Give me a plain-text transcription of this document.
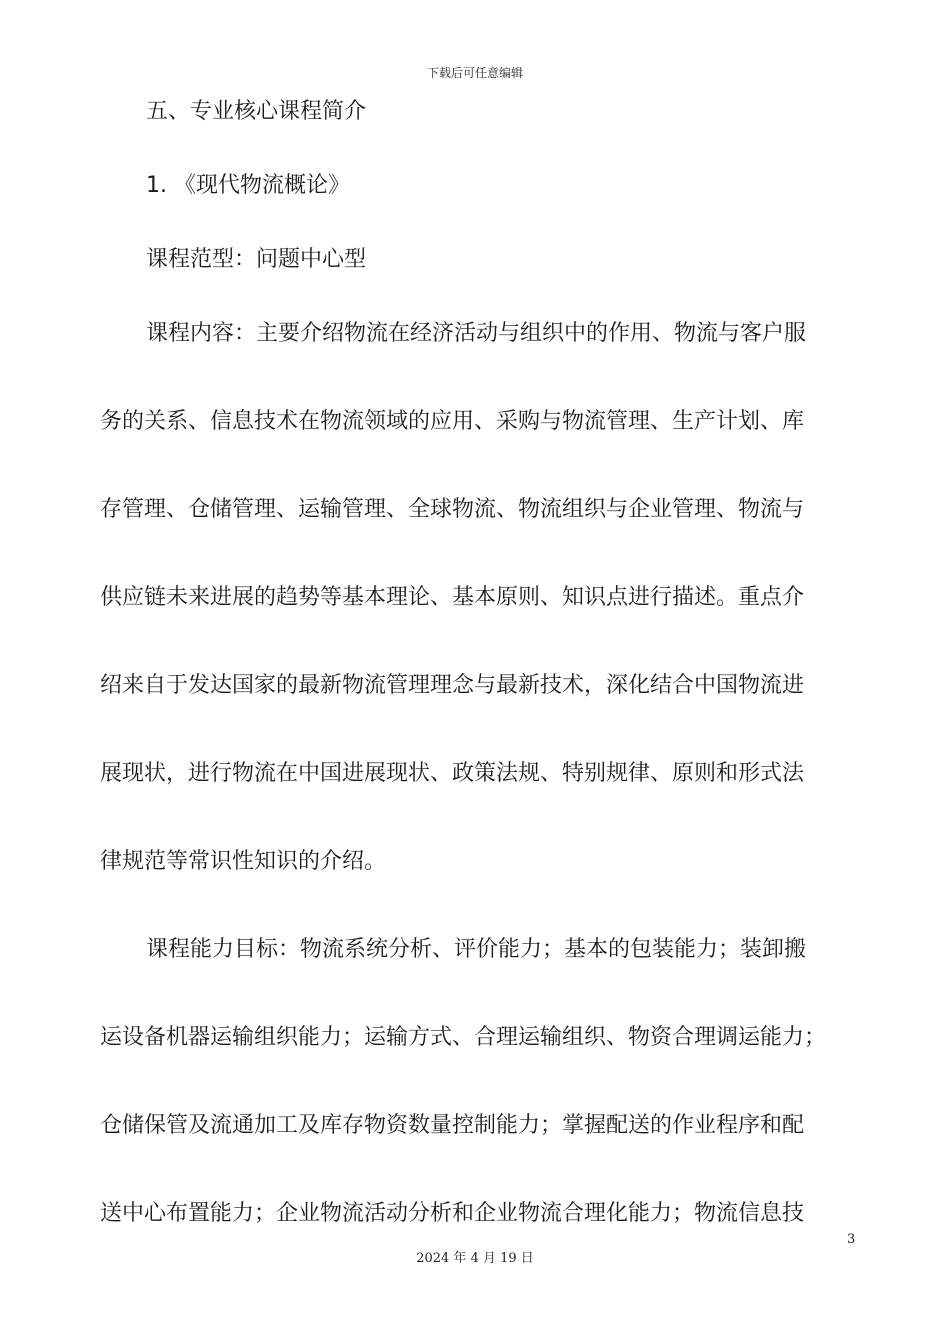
下载后可任意编辑

五、专业核心课程简介

1. 《现代物流概论》

课程范型：问题中心型

课程内容：主要介绍物流在经济活动与组织中的作用、物流与客户服

务的关系、信息技术在物流领域的应用、采购与物流管理、生产计划、库

存管理、仓储管理、运输管理、全球物流、物流组织与企业管理、物流与

供应链未来进展的趋势等基本理论、基本原则、知识点进行描述。重点介

绍来自于发达国家的最新物流管理理念与最新技术，深化结合中国物流进

展现状，进行物流在中国进展现状、政策法规、特别规律、原则和形式法

律规范等常识性知识的介绍。

课程能力目标：物流系统分析、评价能力；基本的包装能力；装卸搬

运设备机器运输组织能力；运输方式、合理运输组织、物资合理调运能力；

仓储保管及流通加工及库存物资数量控制能力；掌握配送的作业程序和配

送中心布置能力；企业物流活动分析和企业物流合理化能力；物流信息技

3
2024 年 4 月 19 日
